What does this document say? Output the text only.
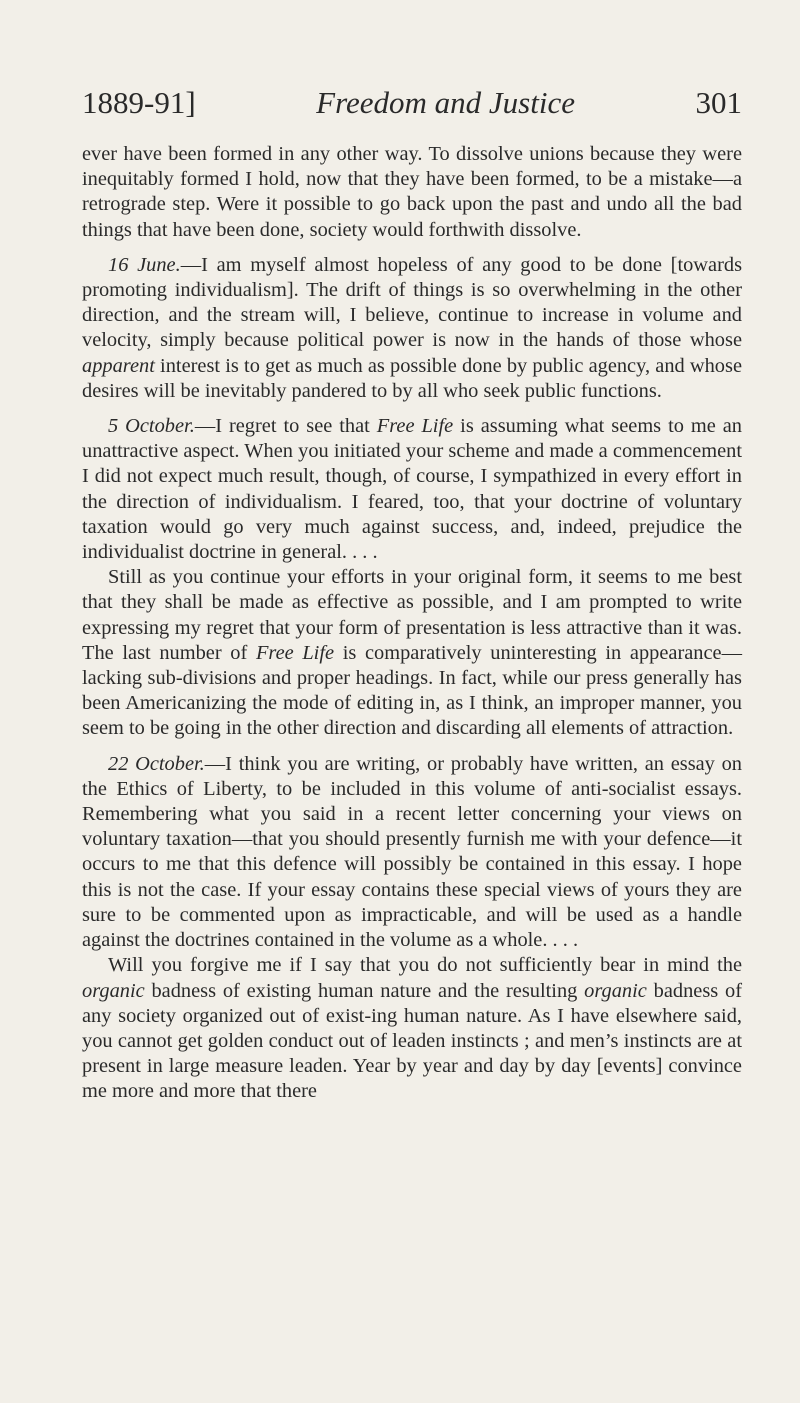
1889-91]	Freedom and Justice	301

ever have been formed in any other way. To dissolve unions because they were inequitably formed I hold, now that they have been formed, to be a mistake—a retrograde step. Were it possible to go back upon the past and undo all the bad things that have been done, society would forthwith dissolve.

16 June.—I am myself almost hopeless of any good to be done [towards promoting individualism]. The drift of things is so overwhelming in the other direction, and the stream will, I believe, continue to increase in volume and velocity, simply because political power is now in the hands of those whose apparent interest is to get as much as possible done by public agency, and whose desires will be inevitably pandered to by all who seek public functions.

5 October.—I regret to see that Free Life is assuming what seems to me an unattractive aspect. When you initiated your scheme and made a commencement I did not expect much result, though, of course, I sympathized in every effort in the direction of individualism. I feared, too, that your doctrine of voluntary taxation would go very much against success, and, indeed, prejudice the individualist doctrine in general. . . .

Still as you continue your efforts in your original form, it seems to me best that they shall be made as effective as possible, and I am prompted to write expressing my regret that your form of presentation is less attractive than it was. The last number of Free Life is comparatively uninteresting in appearance—lacking sub-divisions and proper headings. In fact, while our press generally has been Americanizing the mode of editing in, as I think, an improper manner, you seem to be going in the other direction and discarding all elements of attraction.

22 October.—I think you are writing, or probably have written, an essay on the Ethics of Liberty, to be included in this volume of anti-socialist essays. Remembering what you said in a recent letter concerning your views on voluntary taxation—that you should presently furnish me with your defence—it occurs to me that this defence will possibly be contained in this essay. I hope this is not the case. If your essay contains these special views of yours they are sure to be commented upon as impracticable, and will be used as a handle against the doctrines contained in the volume as a whole. . . .

Will you forgive me if I say that you do not sufficiently bear in mind the organic badness of existing human nature and the resulting organic badness of any society organized out of exist-ing human nature. As I have elsewhere said, you cannot get golden conduct out of leaden instincts ; and men’s instincts are at present in large measure leaden. Year by year and day by day [events] convince me more and more that there
